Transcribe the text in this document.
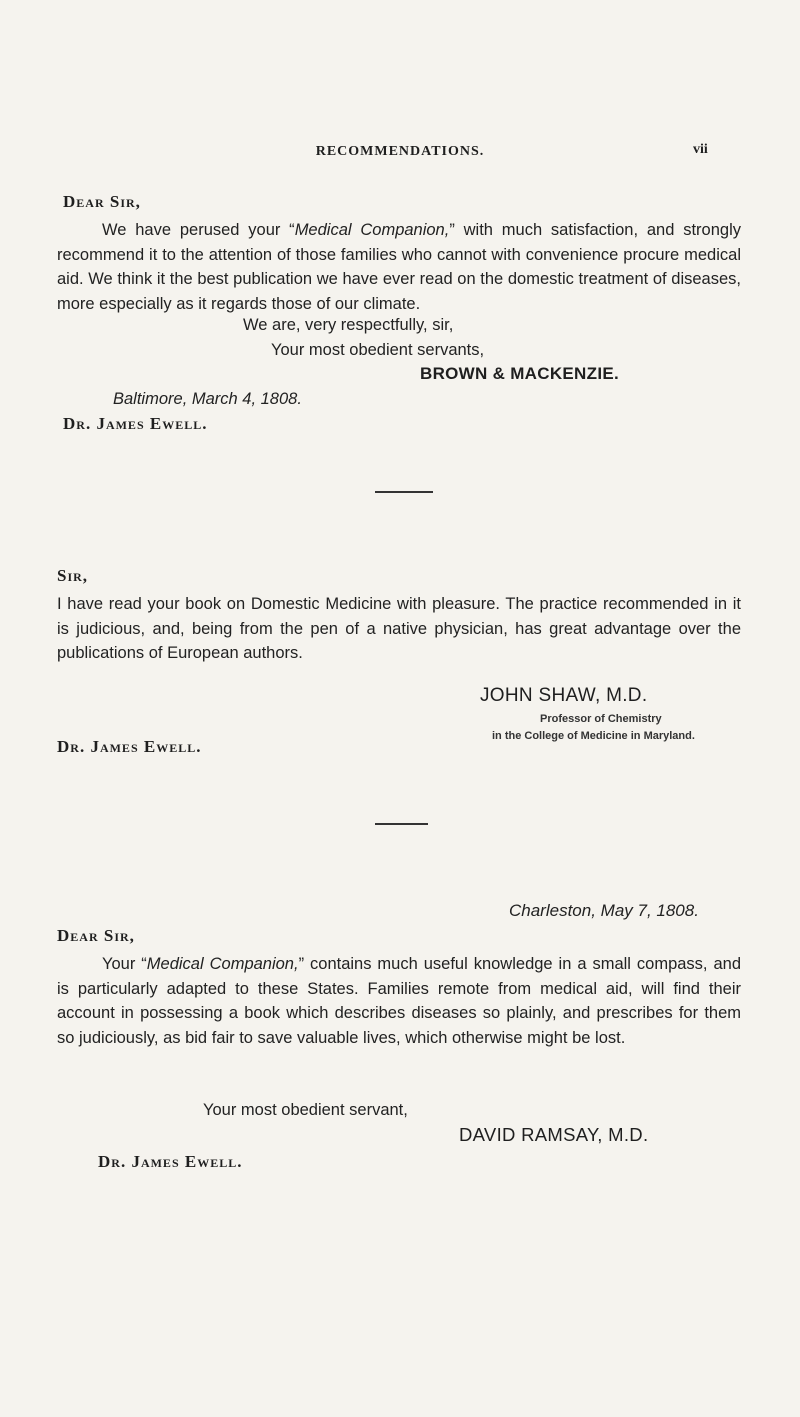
RECOMMENDATIONS.	vii
Dear Sir,
We have perused your “Medical Companion,” with much satisfaction, and strongly recommend it to the attention of those families who cannot with convenience procure medical aid. We think it the best publication we have ever read on the domestic treatment of diseases, more especially as it regards those of our climate.
We are, very respectfully, sir,
Your most obedient servants,
BROWN & MACKENZIE.
Baltimore, March 4, 1808.
Dr. James Ewell.
Sir,
I have read your book on Domestic Medicine with pleasure. The practice recommended in it is judicious, and, being from the pen of a native physician, has great advantage over the publications of European authors.
JOHN SHAW, M.D.
Professor of Chemistry
in the College of Medicine in Maryland.
Dr. James Ewell.
Charleston, May 7, 1808.
Dear Sir,
Your “Medical Companion,” contains much useful knowledge in a small compass, and is particularly adapted to these States. Families remote from medical aid, will find their account in possessing a book which describes diseases so plainly, and prescribes for them so judiciously, as bid fair to save valuable lives, which otherwise might be lost.
Your most obedient servant,
DAVID RAMSAY, M.D.
Dr. James Ewell.
